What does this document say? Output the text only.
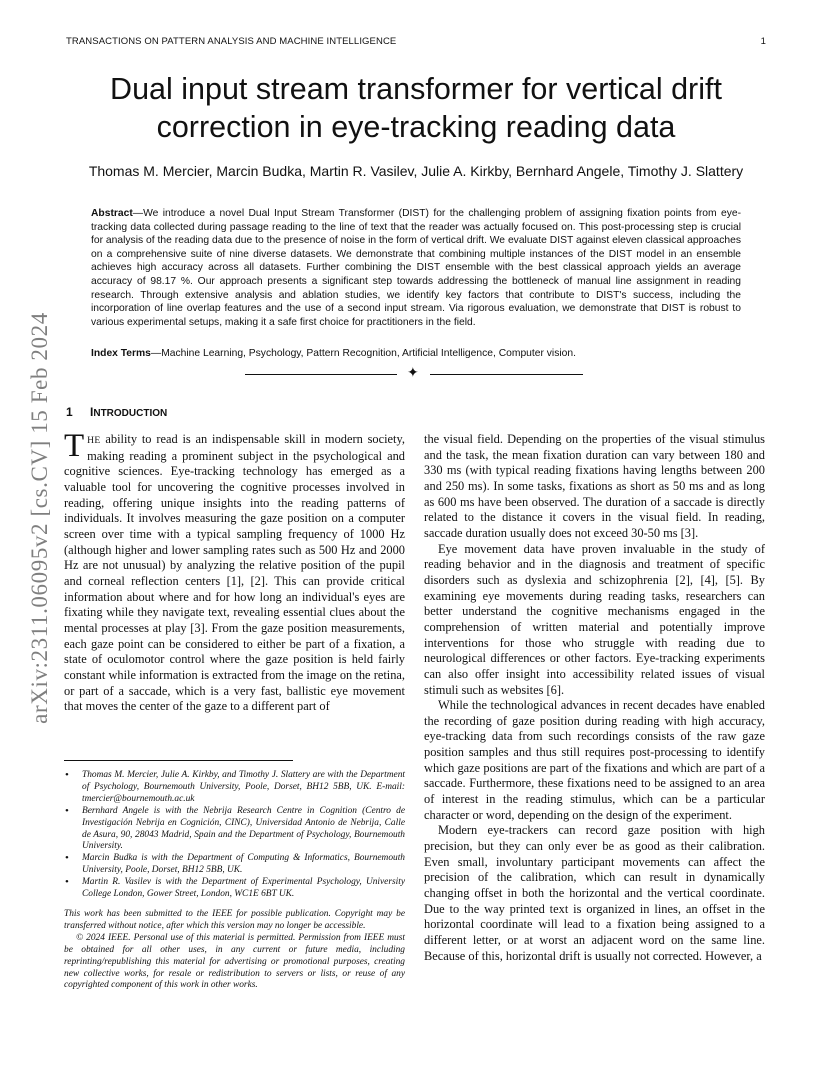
TRANSACTIONS ON PATTERN ANALYSIS AND MACHINE INTELLIGENCE	1
arXiv:2311.06095v2 [cs.CV] 15 Feb 2024
Dual input stream transformer for vertical drift
correction in eye-tracking reading data
Thomas M. Mercier, Marcin Budka, Martin R. Vasilev, Julie A. Kirkby, Bernhard Angele, Timothy J. Slattery

Abstract—We introduce a novel Dual Input Stream Transformer (DIST) for the challenging problem of assigning fixation points from eye-tracking data collected during passage reading to the line of text that the reader was actually focused on. This post-processing step is crucial for analysis of the reading data due to the presence of noise in the form of vertical drift. We evaluate DIST against eleven classical approaches on a comprehensive suite of nine diverse datasets. We demonstrate that combining multiple instances of the DIST model in an ensemble achieves high accuracy across all datasets. Further combining the DIST ensemble with the best classical approach yields an average accuracy of 98.17 %. Our approach presents a significant step towards addressing the bottleneck of manual line assignment in reading research. Through extensive analysis and ablation studies, we identify key factors that contribute to DIST's success, including the incorporation of line overlap features and the use of a second input stream. Via rigorous evaluation, we demonstrate that DIST is robust to various experimental setups, making it a safe first choice for practitioners in the field.

Index Terms—Machine Learning, Psychology, Pattern Recognition, Artificial Intelligence, Computer vision.

✦
1 INTRODUCTION

THE ability to read is an indispensable skill in modern society, making reading a prominent subject in the psychological and cognitive sciences. Eye-tracking technology has emerged as a valuable tool for uncovering the cognitive processes involved in reading, offering unique insights into the reading patterns of individuals. It involves measuring the gaze position on a computer screen over time with a typical sampling frequency of 1000 Hz (although higher and lower sampling rates such as 500 Hz and 2000 Hz are not unusual) by analyzing the relative position of the pupil and corneal reflection centers [1], [2]. This can provide critical information about where and for how long an individual's eyes are fixating while they navigate text, revealing essential clues about the mental processes at play [3]. From the gaze position measurements, each gaze point can be considered to either be part of a fixation, a state of oculomotor control where the gaze position is held fairly constant while information is extracted from the image on the retina, or part of a saccade, which is a very fast, ballistic eye movement that moves the center of the gaze to a different part of

the visual field. Depending on the properties of the visual stimulus and the task, the mean fixation duration can vary between 180 and 330 ms (with typical reading fixations having lengths between 200 and 250 ms). In some tasks, fixations as short as 50 ms and as long as 600 ms have been observed. The duration of a saccade is directly related to the distance it covers in the visual field. In reading, saccade duration usually does not exceed 30-50 ms [3].

Eye movement data have proven invaluable in the study of reading behavior and in the diagnosis and treatment of specific disorders such as dyslexia and schizophrenia [2], [4], [5]. By examining eye movements during reading tasks, researchers can better understand the cognitive mechanisms engaged in the comprehension of written material and potentially improve interventions for those who struggle with reading due to neurological differences or other factors. Eye-tracking experiments can also offer insight into accessibility related issues of visual stimuli such as websites [6].

While the technological advances in recent decades have enabled the recording of gaze position during reading with high accuracy, eye-tracking data from such recordings consists of the raw gaze position samples and thus still requires post-processing to identify which gaze positions are part of the fixations and which are part of a saccade. Furthermore, these fixations need to be assigned to an area of interest in the reading stimulus, which can be a particular character or word, depending on the design of the experiment.

Modern eye-trackers can record gaze position with high precision, but they can only ever be as good as their calibration. Even small, involuntary participant movements can affect the precision of the calibration, which can result in dynamically changing offset in both the horizontal and the vertical coordinate. Due to the way printed text is organized in lines, an offset in the horizontal coordinate will lead to a fixation being assigned to a different letter, or at worst an adjacent word on the same line. Because of this, horizontal drift is usually not corrected. However, a

• Thomas M. Mercier, Julie A. Kirkby, and Timothy J. Slattery are with the Department of Psychology, Bournemouth University, Poole, Dorset, BH12 5BB, UK. E-mail: tmercier@bournemouth.ac.uk
• Bernhard Angele is with the Nebrija Research Centre in Cognition (Centro de Investigación Nebrija en Cognición, CINC), Universidad Antonio de Nebrija, Calle de Asura, 90, 28043 Madrid, Spain and the Department of Psychology, Bournemouth University.
• Marcin Budka is with the Department of Computing & Informatics, Bournemouth University, Poole, Dorset, BH12 5BB, UK.
• Martin R. Vasilev is with the Department of Experimental Psychology, University College London, Gower Street, London, WC1E 6BT UK.

This work has been submitted to the IEEE for possible publication. Copyright may be transferred without notice, after which this version may no longer be accessible.

© 2024 IEEE. Personal use of this material is permitted. Permission from IEEE must be obtained for all other uses, in any current or future media, including reprinting/republishing this material for advertising or promotional purposes, creating new collective works, for resale or redistribution to servers or lists, or reuse of any copyrighted component of this work in other works.
